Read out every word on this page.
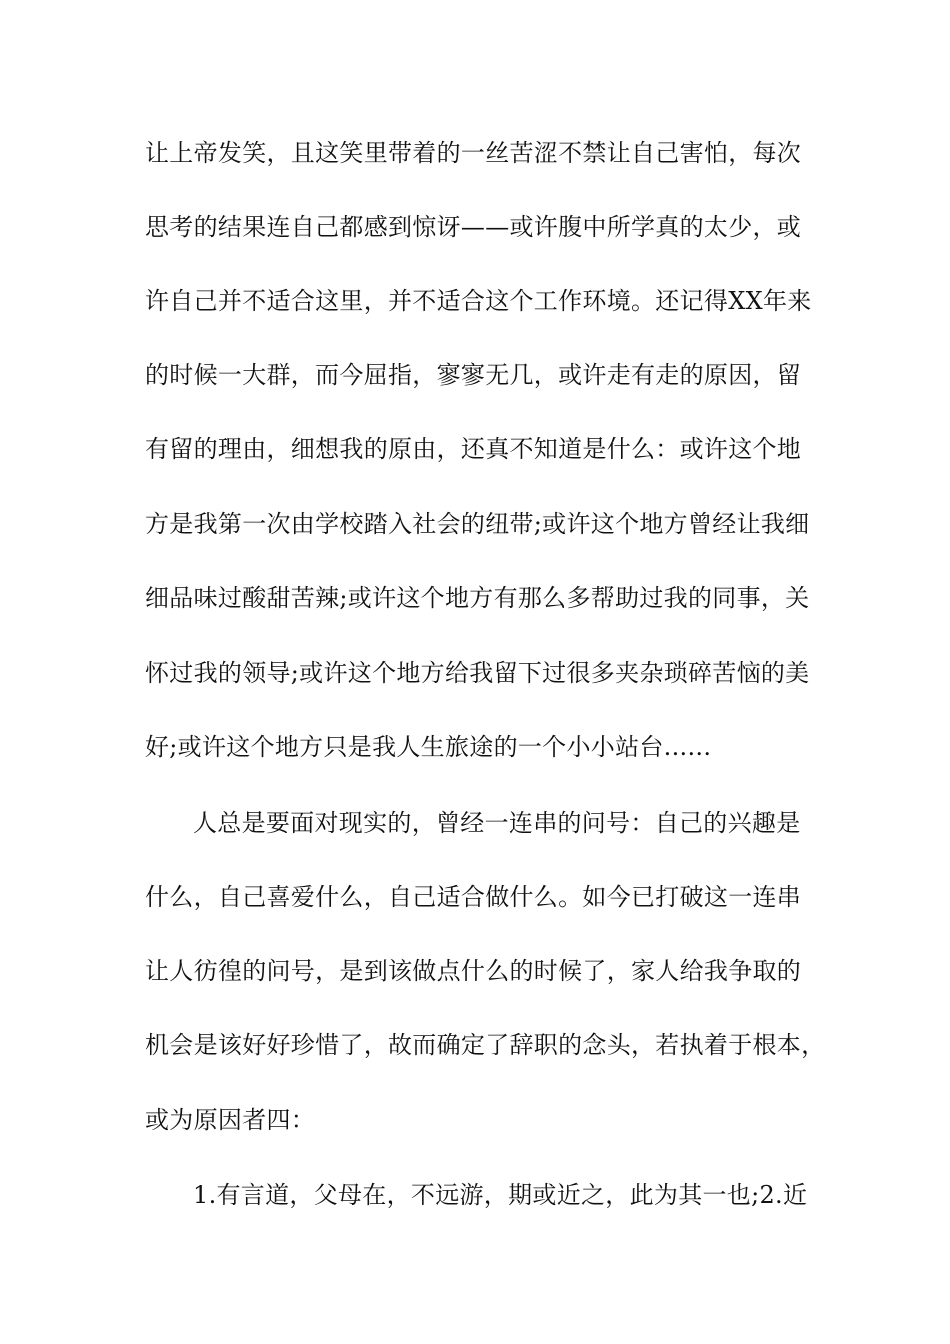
让上帝发笑，且这笑里带着的一丝苦涩不禁让自己害怕，每次
思考的结果连自己都感到惊讶——或许腹中所学真的太少，或
许自己并不适合这里，并不适合这个工作环境。还记得XX年来
的时候一大群，而今屈指，寥寥无几，或许走有走的原因，留
有留的理由，细想我的原由，还真不知道是什么：或许这个地
方是我第一次由学校踏入社会的纽带;或许这个地方曾经让我细
细品味过酸甜苦辣;或许这个地方有那么多帮助过我的同事，关
怀过我的领导;或许这个地方给我留下过很多夹杂琐碎苦恼的美
好;或许这个地方只是我人生旅途的一个小小站台......
人总是要面对现实的，曾经一连串的问号：自己的兴趣是
什么，自己喜爱什么，自己适合做什么。如今已打破这一连串
让人彷徨的问号，是到该做点什么的时候了，家人给我争取的
机会是该好好珍惜了，故而确定了辞职的念头，若执着于根本，
或为原因者四：
1.有言道，父母在，不远游，期或近之，此为其一也;2.近
